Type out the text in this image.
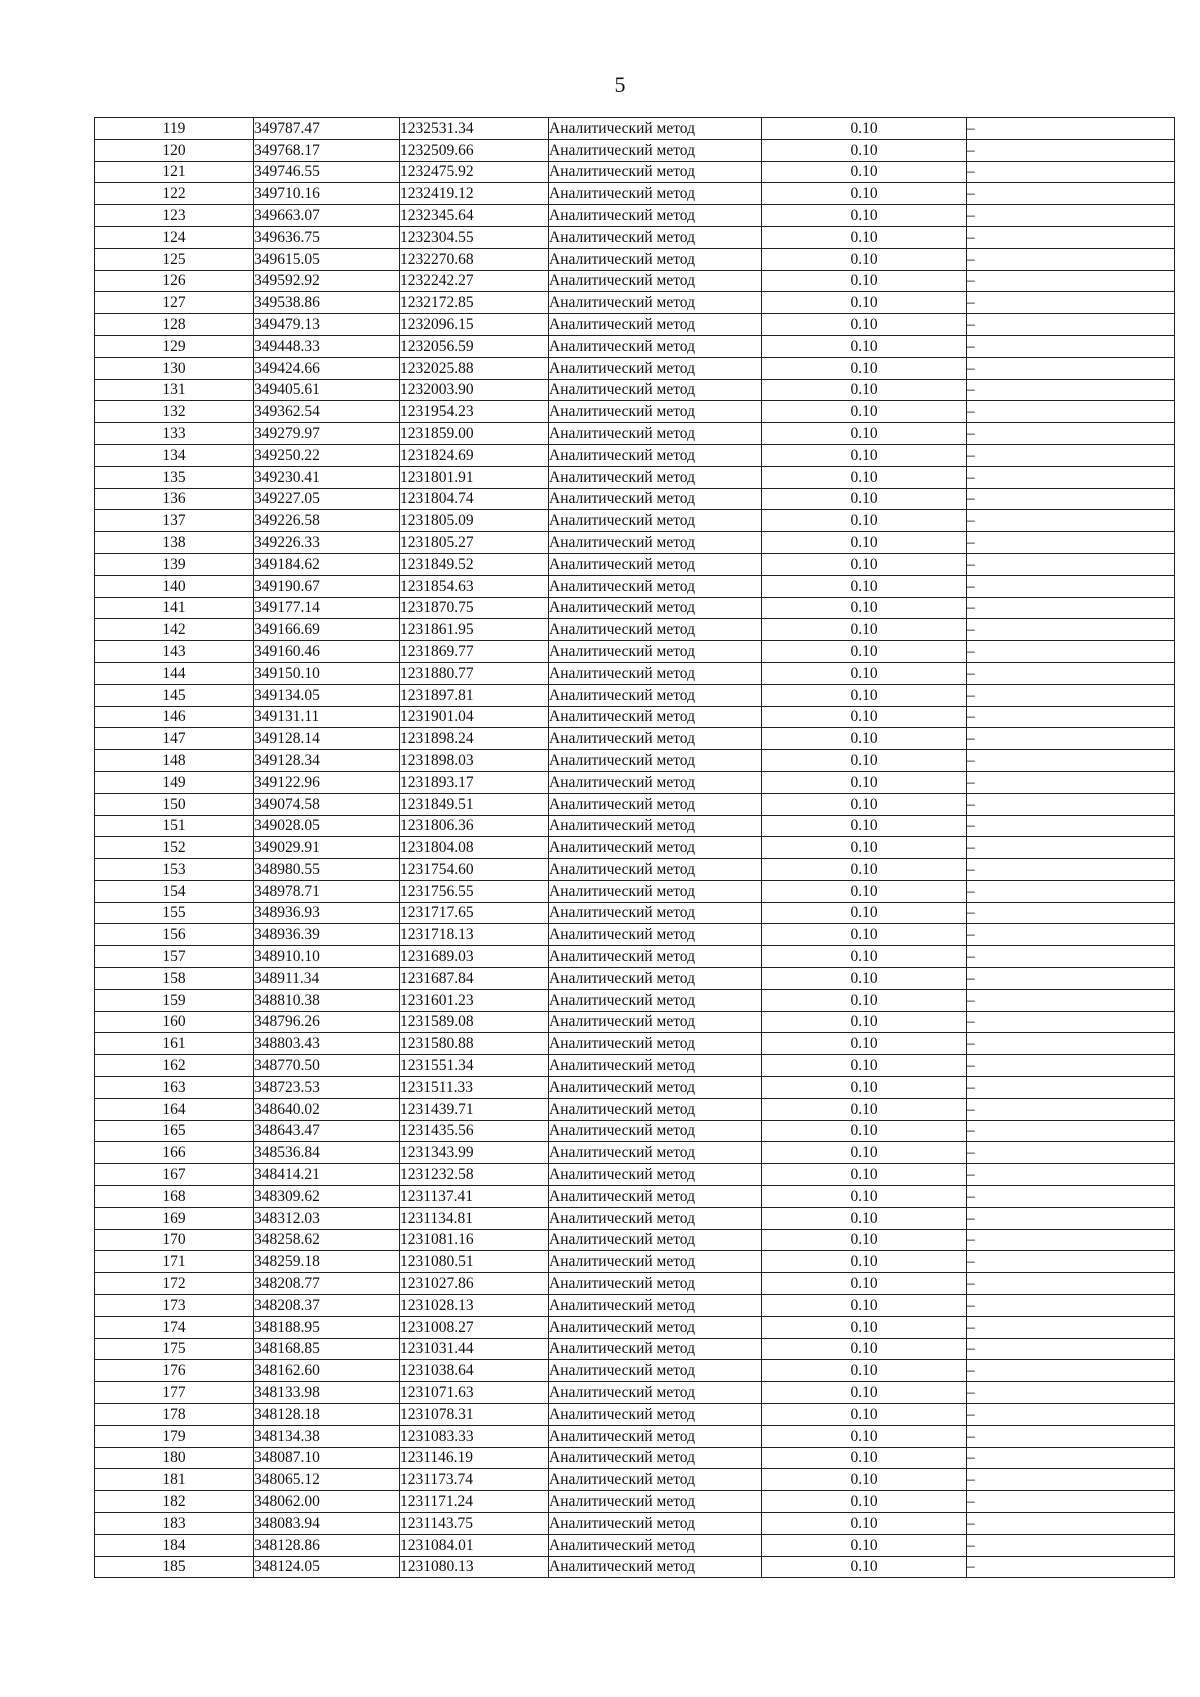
5
119	349787.47	1232531.34	Аналитический метод	0.10	–
120	349768.17	1232509.66	Аналитический метод	0.10	–
121	349746.55	1232475.92	Аналитический метод	0.10	–
122	349710.16	1232419.12	Аналитический метод	0.10	–
123	349663.07	1232345.64	Аналитический метод	0.10	–
124	349636.75	1232304.55	Аналитический метод	0.10	–
125	349615.05	1232270.68	Аналитический метод	0.10	–
126	349592.92	1232242.27	Аналитический метод	0.10	–
127	349538.86	1232172.85	Аналитический метод	0.10	–
128	349479.13	1232096.15	Аналитический метод	0.10	–
129	349448.33	1232056.59	Аналитический метод	0.10	–
130	349424.66	1232025.88	Аналитический метод	0.10	–
131	349405.61	1232003.90	Аналитический метод	0.10	–
132	349362.54	1231954.23	Аналитический метод	0.10	–
133	349279.97	1231859.00	Аналитический метод	0.10	–
134	349250.22	1231824.69	Аналитический метод	0.10	–
135	349230.41	1231801.91	Аналитический метод	0.10	–
136	349227.05	1231804.74	Аналитический метод	0.10	–
137	349226.58	1231805.09	Аналитический метод	0.10	–
138	349226.33	1231805.27	Аналитический метод	0.10	–
139	349184.62	1231849.52	Аналитический метод	0.10	–
140	349190.67	1231854.63	Аналитический метод	0.10	–
141	349177.14	1231870.75	Аналитический метод	0.10	–
142	349166.69	1231861.95	Аналитический метод	0.10	–
143	349160.46	1231869.77	Аналитический метод	0.10	–
144	349150.10	1231880.77	Аналитический метод	0.10	–
145	349134.05	1231897.81	Аналитический метод	0.10	–
146	349131.11	1231901.04	Аналитический метод	0.10	–
147	349128.14	1231898.24	Аналитический метод	0.10	–
148	349128.34	1231898.03	Аналитический метод	0.10	–
149	349122.96	1231893.17	Аналитический метод	0.10	–
150	349074.58	1231849.51	Аналитический метод	0.10	–
151	349028.05	1231806.36	Аналитический метод	0.10	–
152	349029.91	1231804.08	Аналитический метод	0.10	–
153	348980.55	1231754.60	Аналитический метод	0.10	–
154	348978.71	1231756.55	Аналитический метод	0.10	–
155	348936.93	1231717.65	Аналитический метод	0.10	–
156	348936.39	1231718.13	Аналитический метод	0.10	–
157	348910.10	1231689.03	Аналитический метод	0.10	–
158	348911.34	1231687.84	Аналитический метод	0.10	–
159	348810.38	1231601.23	Аналитический метод	0.10	–
160	348796.26	1231589.08	Аналитический метод	0.10	–
161	348803.43	1231580.88	Аналитический метод	0.10	–
162	348770.50	1231551.34	Аналитический метод	0.10	–
163	348723.53	1231511.33	Аналитический метод	0.10	–
164	348640.02	1231439.71	Аналитический метод	0.10	–
165	348643.47	1231435.56	Аналитический метод	0.10	–
166	348536.84	1231343.99	Аналитический метод	0.10	–
167	348414.21	1231232.58	Аналитический метод	0.10	–
168	348309.62	1231137.41	Аналитический метод	0.10	–
169	348312.03	1231134.81	Аналитический метод	0.10	–
170	348258.62	1231081.16	Аналитический метод	0.10	–
171	348259.18	1231080.51	Аналитический метод	0.10	–
172	348208.77	1231027.86	Аналитический метод	0.10	–
173	348208.37	1231028.13	Аналитический метод	0.10	–
174	348188.95	1231008.27	Аналитический метод	0.10	–
175	348168.85	1231031.44	Аналитический метод	0.10	–
176	348162.60	1231038.64	Аналитический метод	0.10	–
177	348133.98	1231071.63	Аналитический метод	0.10	–
178	348128.18	1231078.31	Аналитический метод	0.10	–
179	348134.38	1231083.33	Аналитический метод	0.10	–
180	348087.10	1231146.19	Аналитический метод	0.10	–
181	348065.12	1231173.74	Аналитический метод	0.10	–
182	348062.00	1231171.24	Аналитический метод	0.10	–
183	348083.94	1231143.75	Аналитический метод	0.10	–
184	348128.86	1231084.01	Аналитический метод	0.10	–
185	348124.05	1231080.13	Аналитический метод	0.10	–
